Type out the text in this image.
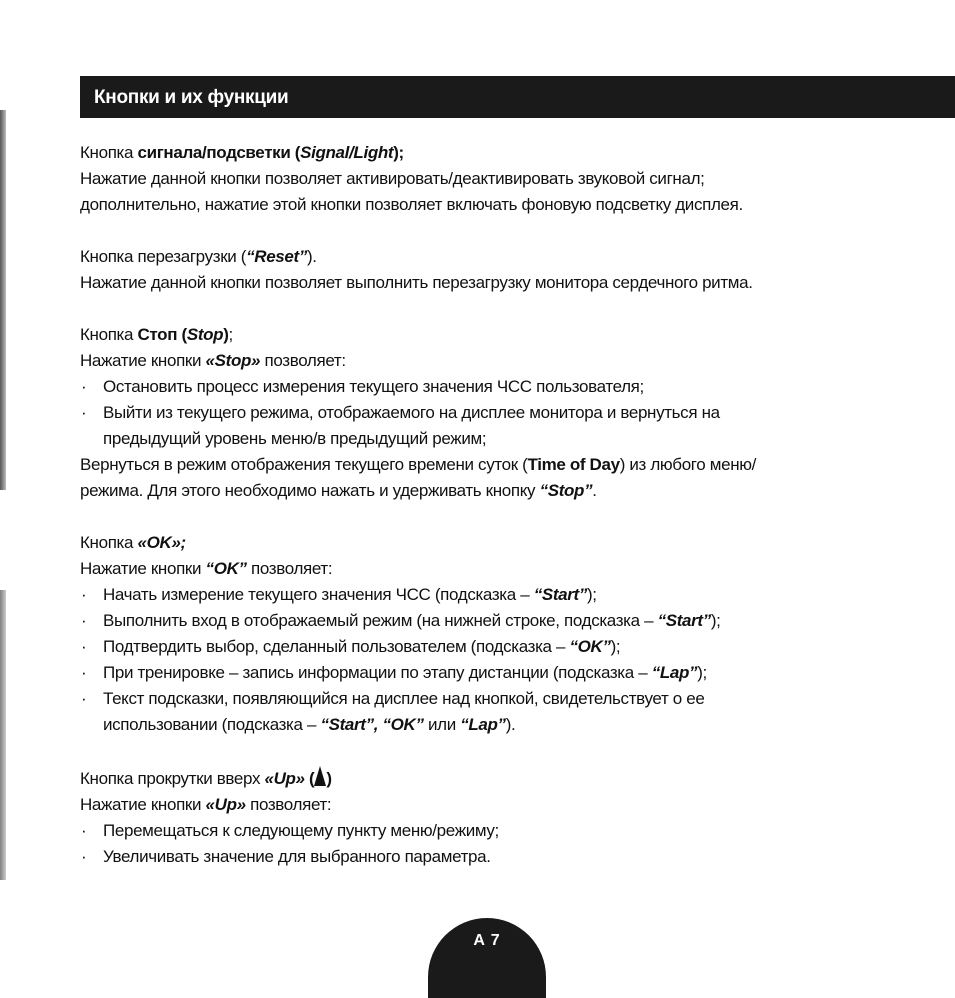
Кнопки и их функции

Кнопка сигнала/подсветки (Signal/Light);

Нажатие данной кнопки позволяет активировать/деактивировать звуковой сигнал;

дополнительно, нажатие этой кнопки позволяет включать фоновую подсветку дисплея.

Кнопка перезагрузки (“Reset”).

Нажатие данной кнопки позволяет выполнить перезагрузку монитора сердечного ритма.

Кнопка Стоп (Stop);

Нажатие кнопки «Stop» позволяет:

· Остановить процесс измерения текущего значения ЧСС пользователя;

· Выйти из текущего режима, отображаемого на дисплее монитора и вернуться на

предыдущий уровень меню/в предыдущий режим;

Вернуться в режим отображения текущего времени суток (Time of Day) из любого меню/

режима. Для этого необходимо нажать и удерживать кнопку “Stop”.

Кнопка «OK»;

Нажатие кнопки “OK” позволяет:

· Начать измерение текущего значения ЧСС (подсказка – “Start”);

· Выполнить вход в отображаемый режим (на нижней строке, подсказка – “Start”);

· Подтвердить выбор, сделанный пользователем (подсказка – “OK”);

· При тренировке – запись информации по этапу дистанции (подсказка – “Lap”);

· Текст подсказки, появляющийся на дисплее над кнопкой, свидетельствует о ее

использовании (подсказка – “Start”, “OK” или “Lap”).

Кнопка прокрутки вверх «Up» ( )

Нажатие кнопки «Up» позволяет:

· Перемещаться к следующему пункту меню/режиму;

· Увеличивать значение для выбранного параметра.

A 7
